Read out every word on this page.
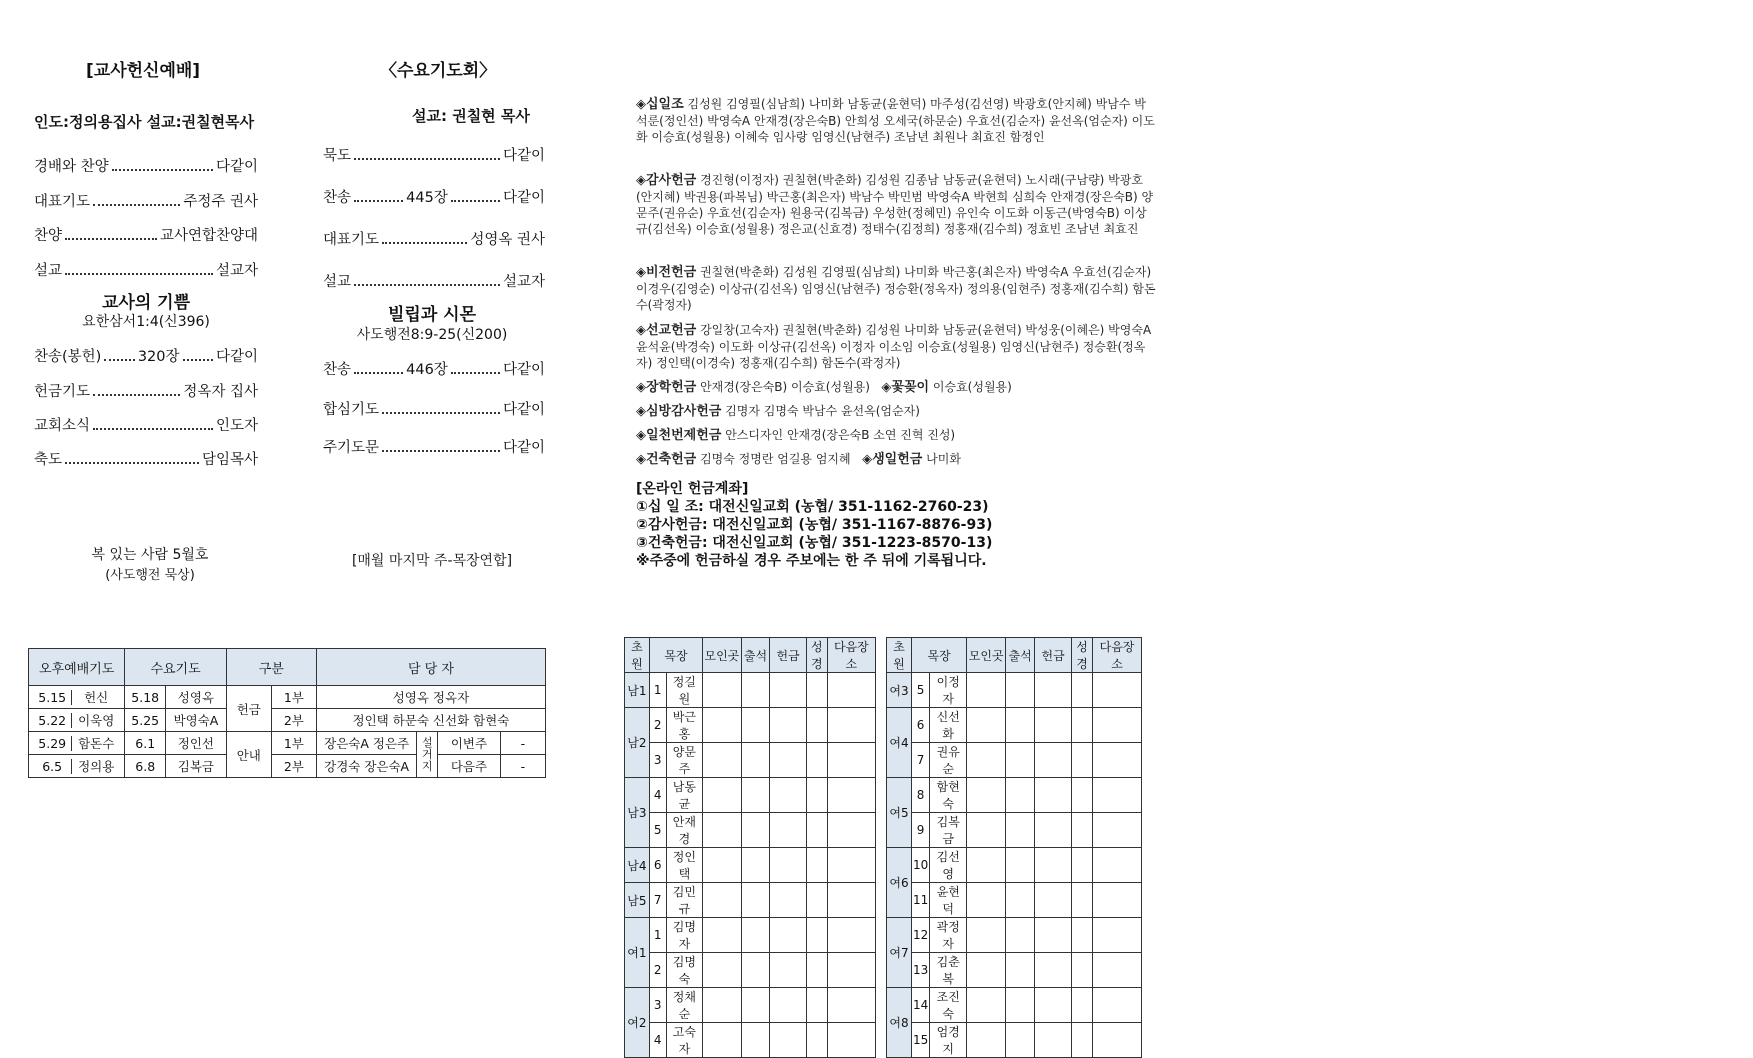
[교사헌신예배]
인도:정의용집사 설교:권칠현목사
경배와 찬양	다같이
대표기도	주정주 권사
찬양	교사연합찬양대
설교	설교자
교사의 기쁨
요한삼서1:4(신396)
찬송(봉헌)	320장	다같이
헌금기도	정옥자 집사
교회소식	인도자
축도	담임목사
복 있는 사람 5월호
(사도행전 묵상)
〈수요기도회〉
설교: 권칠현 목사
묵도	다같이
찬송	445장	다같이
대표기도	성영옥 권사
설교	설교자
빌립과 시몬
사도행전8:9-25(신200)
찬송	446장	다같이
합심기도	다같이
주기도문	다같이
[매월 마지막 주-목장연합]
◈십일조 김성원 김영필(심남희) 나미화 남동균(윤현덕) 마주성(김선영) 박광호(안지혜) 박남수 박석룬(정인선) 박영숙A 안재경(장은숙B) 안희성 오세국(하문순) 우효선(김순자) 윤선옥(엄순자) 이도화 이승효(성월용) 이혜숙 임사랑 임영신(남현주) 조남년 최원나 최효진 함정인
◈감사헌금 경진형(이정자) 권칠현(박춘화) 김성원 김종남 남동균(윤현덕) 노시래(구남량) 박광호(안지혜) 박권용(파복님) 박근홍(최은자) 박남수 박민범 박영숙A 박현희 심희숙 안재경(장은숙B) 양문주(권유순) 우효선(김순자) 원용국(김복금) 우성한(정혜민) 유인숙 이도화 이동근(박영숙B) 이상규(김선옥) 이승효(성월용) 정은교(신효경) 정태수(김정희) 정홍재(김수희) 정효빈 조남년 최효진
◈비전헌금 권칠현(박춘화) 김성원 김영필(심남희) 나미화 박근홍(최은자) 박영숙A 우효선(김순자) 이경우(김영순) 이상규(김선옥) 임영신(남현주) 정승환(정옥자) 정의용(임현주) 정홍재(김수희) 함돈수(곽정자)
◈선교헌금 강일창(고숙자) 권칠현(박춘화) 김성원 나미화 남동균(윤현덕) 박성웅(이혜은) 박영숙A 윤석윤(박경숙) 이도화 이상규(김선옥) 이정자 이소임 이승효(성월용) 임영신(남현주) 정승환(정옥자) 정인택(이경숙) 정홍재(김수희) 함돈수(곽정자)
◈장학헌금 안재경(장은숙B) 이승효(성월용) ◈꽃꽂이 이승효(성월용)
◈심방감사헌금 김명자 김명숙 박남수 윤선옥(엄순자)
◈일천번제헌금 안스디자인 안재경(장은숙B 소연 진혁 진성)
◈건축헌금 김명숙 정명란 엄길용 엄지혜 ◈생일헌금 나미화
[온라인 헌금계좌]
①십 일 조: 대전신일교회 (농협/ 351-1162-2760-23)
②감사헌금: 대전신일교회 (농협/ 351-1167-8876-93)
③건축헌금: 대전신일교회 (농협/ 351-1223-8570-13)
※주중에 헌금하실 경우 주보에는 한 주 뒤에 기록됩니다.
오후예배기도	수요기도		구분		담 당 자			
5.15 헌신	5.18	성영옥	헌금	1부	성영옥 정옥자			
5.22 이욱영	5.25	박영숙A		2부	정인택 하문숙 신선화 함현숙			
5.29 함돈수	6.1	정인선	안내	1부	장은숙A 정은주	설거지	이변주	-
6.5 정의용	6.8	김복금		2부	강경숙 장은숙A		다음주	-
초원	목장		모인곳	출석	헌금	성경	다음장소
남1	1	정길원					
남2	2	박근홍					
	3	양문주					
남3	4	남동균					
	5	안재경					
남4	6	정인택					
남5	7	김민규					
여1	1	김명자					
	2	김명숙					
여2	3	정채순					
	4	고숙자					
초원	목장		모인곳	출석	헌금	성경	다음장소
여3	5	이정자					
여4	6	신선화					
	7	권유순					
여5	8	함현숙					
	9	김복금					
여6	10	김선영					
	11	윤현덕					
여7	12	곽정자					
	13	김춘복					
여8	14	조진숙					
	15	엄경지					
